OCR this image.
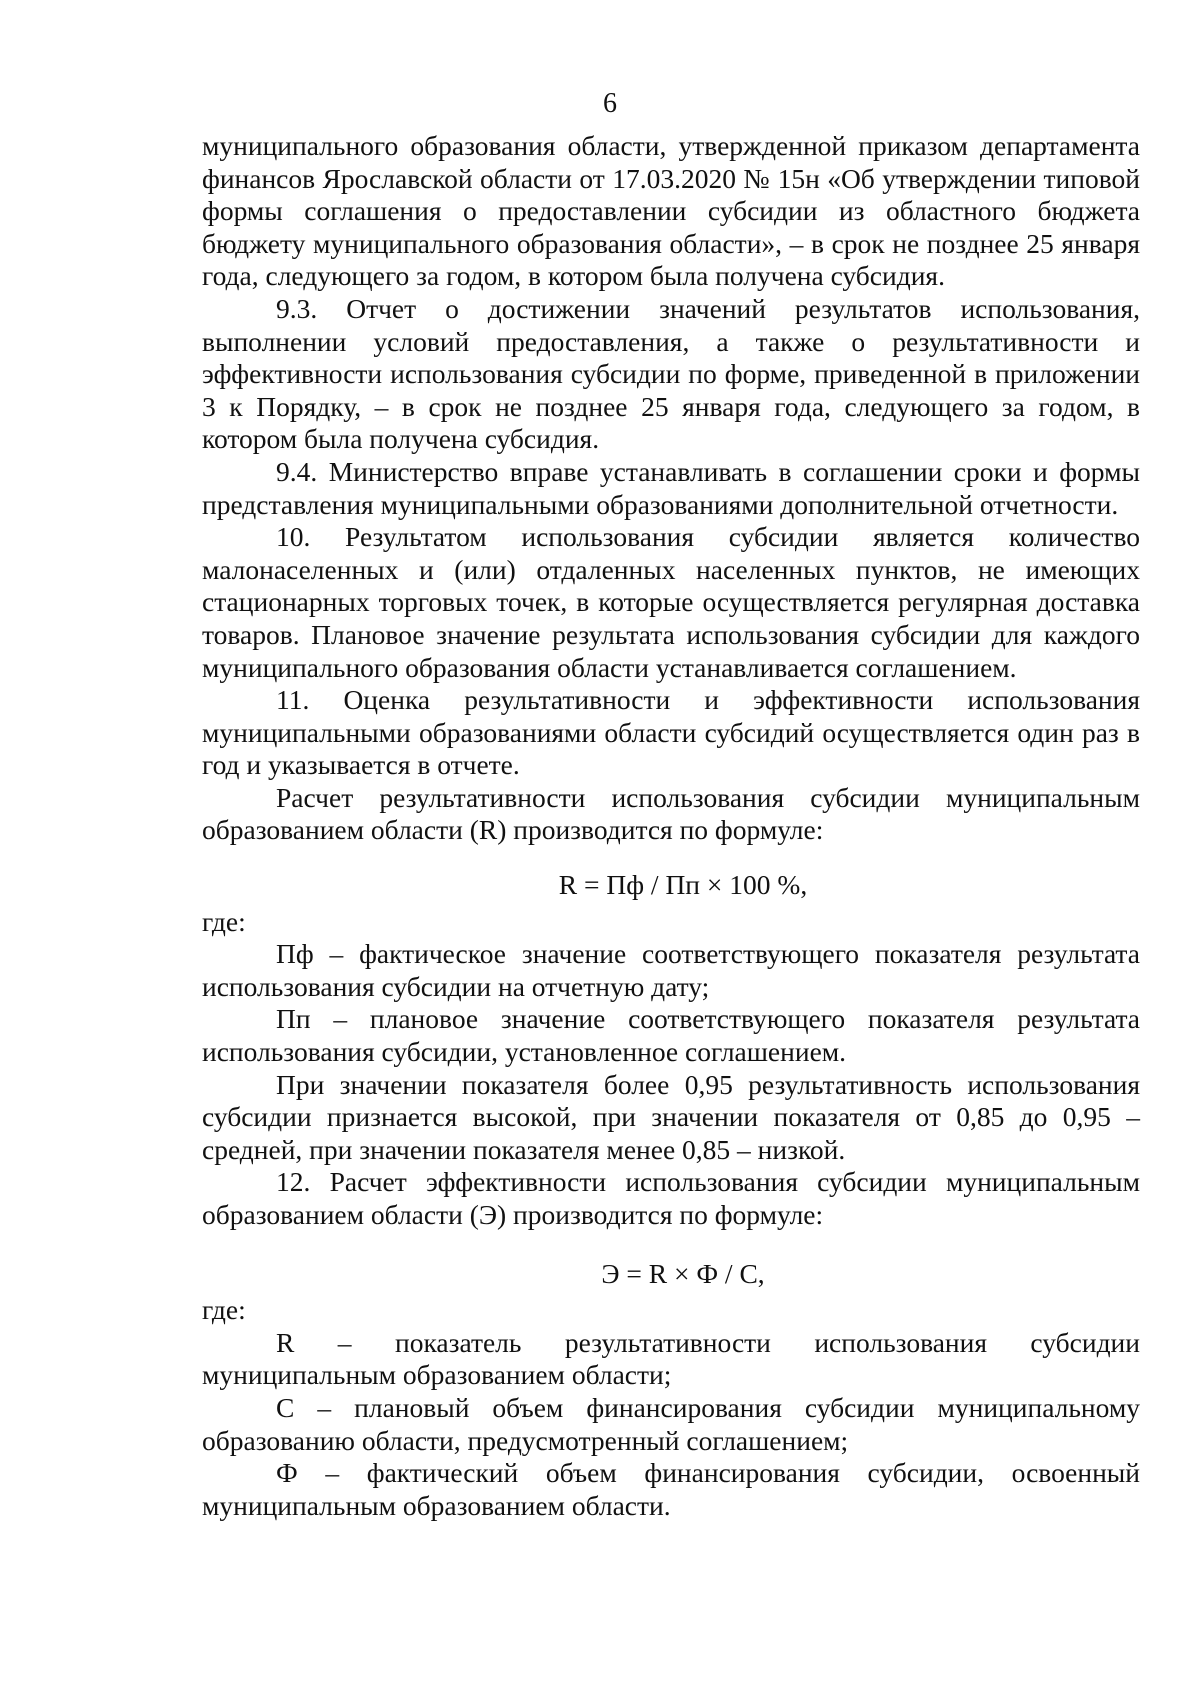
6

муниципального образования области, утвержденной приказом департамента финансов Ярославской области от 17.03.2020 № 15н «Об утверждении типовой формы соглашения о предоставлении субсидии из областного бюджета бюджету муниципального образования области», – в срок не позднее 25 января года, следующего за годом, в котором была получена субсидия.

9.3. Отчет о достижении значений результатов использования, выполнении условий предоставления, а также о результативности и эффективности использования субсидии по форме, приведенной в приложении 3 к Порядку, – в срок не позднее 25 января года, следующего за годом, в котором была получена субсидия.

9.4. Министерство вправе устанавливать в соглашении сроки и формы представления муниципальными образованиями дополнительной отчетности.

10. Результатом использования субсидии является количество малонаселенных и (или) отдаленных населенных пунктов, не имеющих стационарных торговых точек, в которые осуществляется регулярная доставка товаров. Плановое значение результата использования субсидии для каждого муниципального образования области устанавливается соглашением.

11. Оценка результативности и эффективности использования муниципальными образованиями области субсидий осуществляется один раз в год и указывается в отчете.

Расчет результативности использования субсидии муниципальным образованием области (R) производится по формуле:

R = Пф / Пп × 100 %,

где:

Пф – фактическое значение соответствующего показателя результата использования субсидии на отчетную дату;

Пп – плановое значение соответствующего показателя результата использования субсидии, установленное соглашением.

При значении показателя более 0,95 результативность использования субсидии признается высокой, при значении показателя от 0,85 до 0,95 – средней, при значении показателя менее 0,85 – низкой.

12. Расчет эффективности использования субсидии муниципальным образованием области (Э) производится по формуле:

Э = R × Ф / С,

где:

R – показатель результативности использования субсидии муниципальным образованием области;

С – плановый объем финансирования субсидии муниципальному образованию области, предусмотренный соглашением;

Ф – фактический объем финансирования субсидии, освоенный муниципальным образованием области.
